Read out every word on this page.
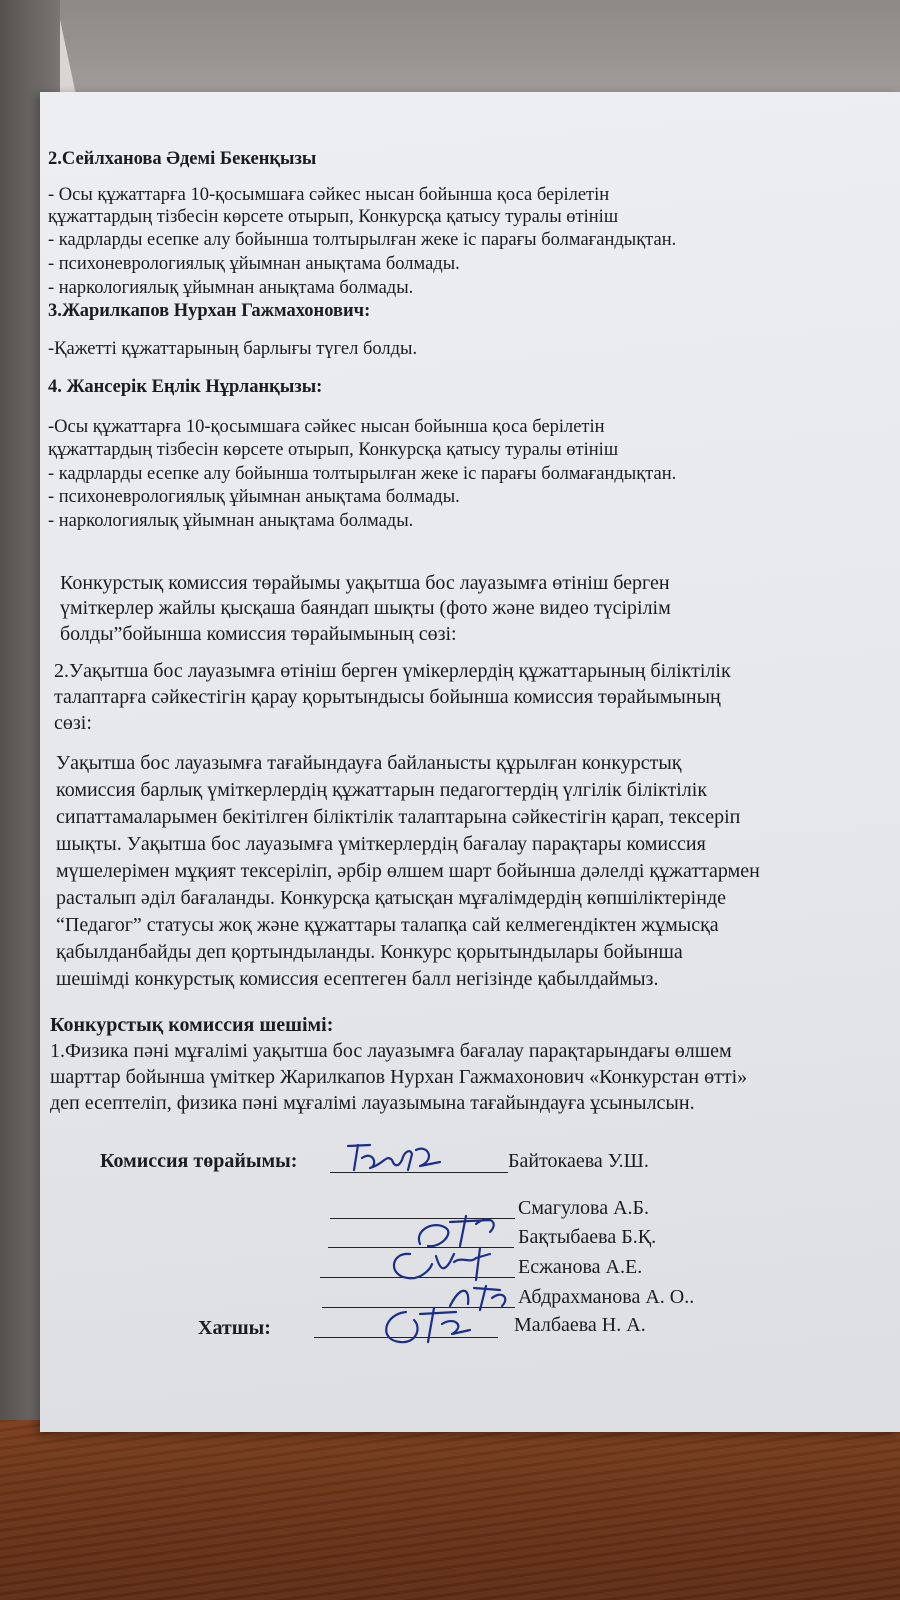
2.Сейлханова Әдемі Бекенқызы
- Осы құжаттарға 10-қосымшаға сәйкес нысан бойынша қоса берілетін
құжаттардың тізбесін көрсете отырып, Конкурсқа қатысу туралы өтініш
- кадрларды есепке алу бойынша толтырылған жеке іс парағы болмағандықтан.
- психоневрологиялық ұйымнан анықтама болмады.
- наркологиялық ұйымнан анықтама болмады.
3.Жарилкапов Нурхан Гажмахонович:
-Қажетті құжаттарының барлығы түгел болды.
4. Жансерік Еңлік Нұрланқызы:
-Осы құжаттарға 10-қосымшаға сәйкес нысан бойынша қоса берілетін
құжаттардың тізбесін көрсете отырып, Конкурсқа қатысу туралы өтініш
- кадрларды есепке алу бойынша толтырылған жеке іс парағы болмағандықтан.
- психоневрологиялық ұйымнан анықтама болмады.
- наркологиялық ұйымнан анықтама болмады.
Конкурстық комиссия төрайымы уақытша бос лауазымға өтініш берген
үміткерлер жайлы қысқаша баяндап шықты (фото және видео түсірілім
болды”бойынша комиссия төрайымының сөзі:
2.Уақытша бос лауазымға өтініш берген үмікерлердің құжаттарының біліктілік
талаптарға сәйкестігін қарау қорытындысы бойынша комиссия төрайымының
сөзі:
Уақытша бос лауазымға тағайындауға байланысты құрылған конкурстық
комиссия барлық үміткерлердің құжаттарын педагогтердің үлгілік біліктілік
сипаттамаларымен бекітілген біліктілік талаптарына сәйкестігін қарап, тексеріп
шықты. Уақытша бос лауазымға үміткерлердің бағалау парақтары комиссия
мүшелерімен мұқият тексеріліп, әрбір өлшем шарт бойынша дәлелді құжаттармен
расталып әділ бағаланды. Конкурсқа қатысқан мұғалімдердің көпшіліктерінде
“Педагог” статусы жоқ және құжаттары талапқа сай келмегендіктен жұмысқа
қабылданбайды деп қортындыланды. Конкурс қорытындылары бойынша
шешімді конкурстық комиссия есептеген балл негізінде қабылдаймыз.
Конкурстық комиссия шешімі:
1.Физика пәні мұғалімі уақытша бос лауазымға бағалау парақтарындағы өлшем
шарттар бойынша үміткер Жарилкапов Нурхан Гажмахонович «Конкурстан өтті»
деп есептеліп, физика пәні мұғалімі лауазымына тағайындауға ұсынылсын.
Комиссия төрайымы:	Байтокаева У.Ш.
Смагулова А.Б.
Бақтыбаева Б.Қ.
Есжанова А.Е.
Абдрахманова А. О..
Хатшы:	Малбаева Н. А.
